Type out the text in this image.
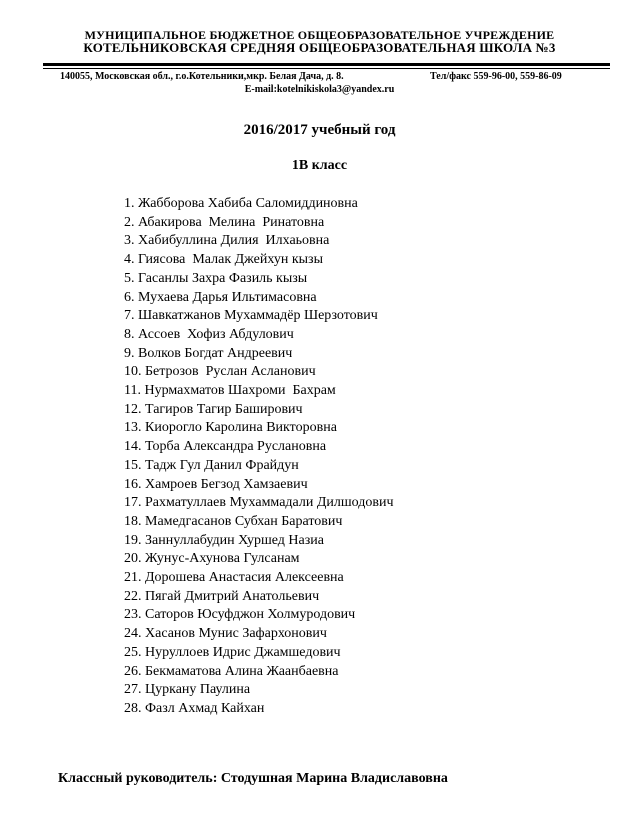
МУНИЦИПАЛЬНОЕ БЮДЖЕТНОЕ ОБЩЕОБРАЗОВАТЕЛЬНОЕ УЧРЕЖДЕНИЕ
КОТЕЛЬНИКОВСКАЯ СРЕДНЯЯ ОБЩЕОБРАЗОВАТЕЛЬНАЯ ШКОЛА №3
140055, Московская обл., г.о.Котельники,мкр. Белая Дача, д. 8.	Тел/факс 559-96-00, 559-86-09
E-mail:kotelnikiskola3@yandex.ru
2016/2017 учебный год
1В класс
1. Жабборова Хабиба Саломиддиновна
2. Абакирова  Мелина  Ринатовна
3. Хабибуллина Дилия  Илхаьовна
4. Гиясова  Малак Джейхун кызы
5. Гасанлы Захра Фазиль кызы
6. Мухаева Дарья Ильтимасовна
7. Шавкатжанов Мухаммадёр Шерзотович
8. Ассоев  Хофиз Абдулович
9. Волков Богдат Андреевич
10. Бетрозов  Руслан Асланович
11. Нурмахматов Шахроми  Бахрам
12. Тагиров Тагир Баширович
13. Киорогло Каролина Викторовна
14. Торба Александра Руслановна
15. Тадж Гул Данил Фрайдун
16. Хамроев Бегзод Хамзаевич
17. Рахматуллаев Мухаммадали Дилшодович
18. Мамедгасанов Субхан Баратович
19. Заннуллабудин Хуршед Назиа
20. Жунус-Ахунова Гулсанам
21. Дорошева Анастасия Алексеевна
22. Пягай Дмитрий Анатольевич
23. Саторов Юсуфджон Холмуродович
24. Хасанов Мунис Зафархонович
25. Нуруллоев Идрис Джамшедович
26. Бекмаматова Алина Жаанбаевна
27. Цуркану Паулина
28. Фазл Ахмад Кайхан
Классный руководитель: Стодушная Марина Владиславовна
